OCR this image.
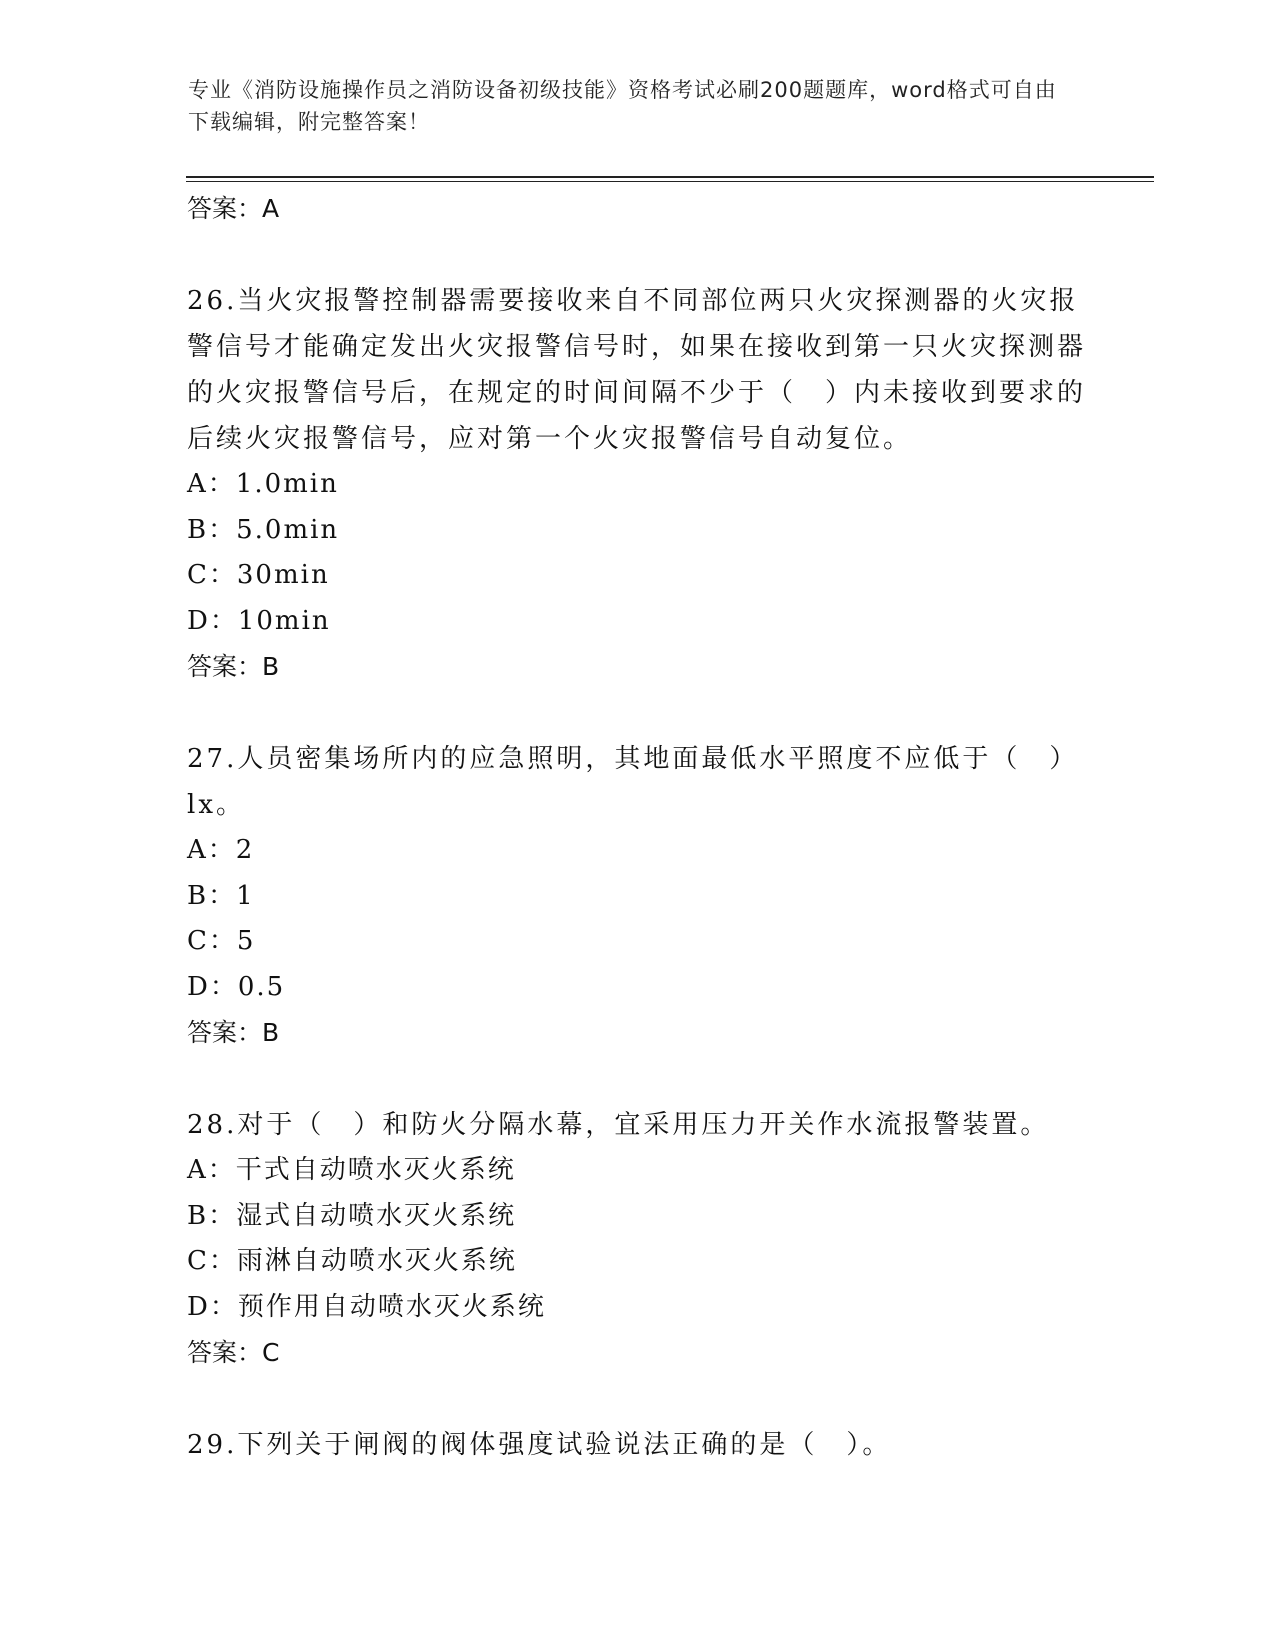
专业《消防设施操作员之消防设备初级技能》资格考试必刷200题题库，word格式可自由下载编辑，附完整答案！
答案：A
26.当火灾报警控制器需要接收来自不同部位两只火灾探测器的火灾报警信号才能确定发出火灾报警信号时，如果在接收到第一只火灾探测器的火灾报警信号后，在规定的时间间隔不少于（　）内未接收到要求的后续火灾报警信号，应对第一个火灾报警信号自动复位。
A：1.0min
B：5.0min
C：30min
D：10min
答案：B
27.人员密集场所内的应急照明，其地面最低水平照度不应低于（　）lx。
A：2
B：1
C：5
D：0.5
答案：B
28.对于（　）和防火分隔水幕，宜采用压力开关作水流报警装置。
A：干式自动喷水灭火系统
B：湿式自动喷水灭火系统
C：雨淋自动喷水灭火系统
D：预作用自动喷水灭火系统
答案：C
29.下列关于闸阀的阀体强度试验说法正确的是（　）。
